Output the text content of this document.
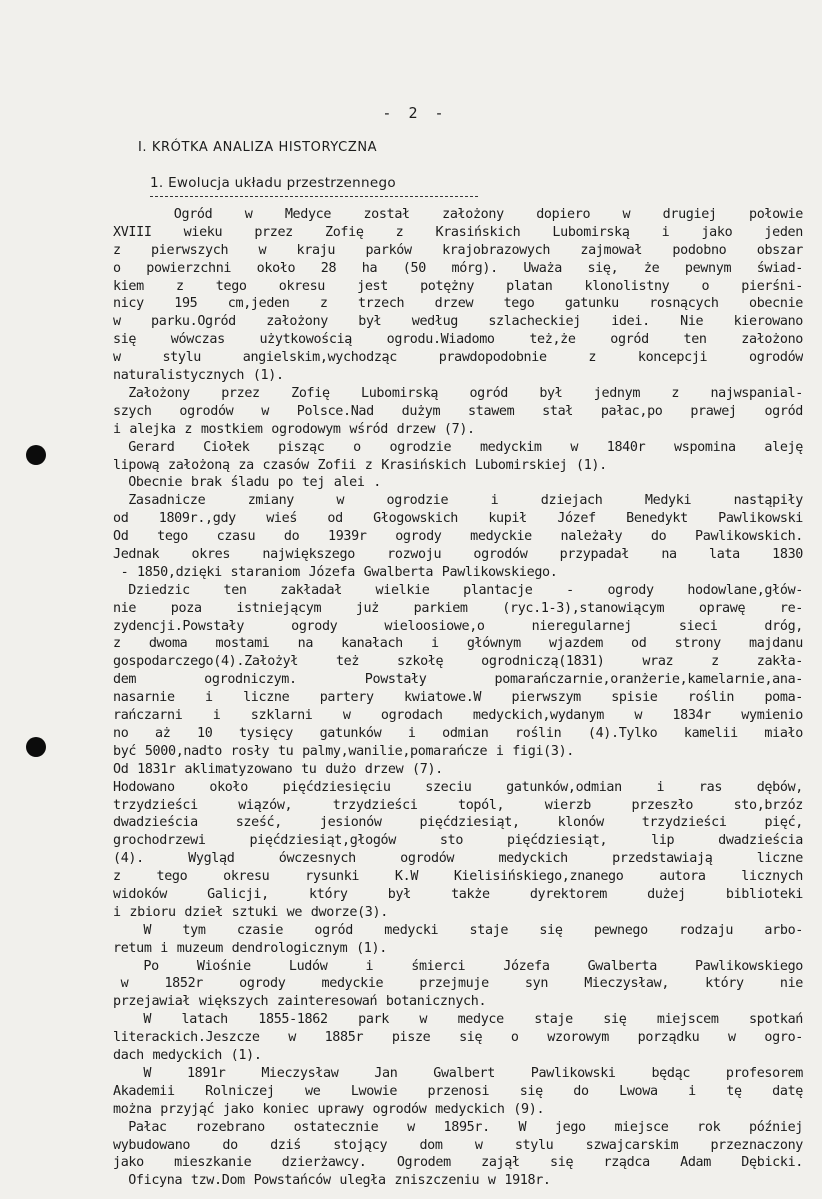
- 2 -
I. KRÓTKA ANALIZA HISTORYCZNA
1. Ewolucja układu przestrzennego
Ogród w Medyce został założony dopiero w drugiej połowie
XVIII wieku przez Zofię z Krasińskich Lubomirską i jako jeden
z pierwszych w kraju parków krajobrazowych zajmował podobno obszar
o powierzchni około 28 ha (50 mórg). Uważa się, że pewnym świad-
kiem z tego okresu jest potężny platan klonolistny o pierśni-
nicy 195 cm,jeden z trzech drzew tego gatunku rosnących obecnie
w parku.Ogród założony był według szlacheckiej idei. Nie kierowano
się wówczas użytkowością ogrodu.Wiadomo też,że ogród ten założono
w stylu angielskim,wychodząc prawdopodobnie z koncepcji ogrodów
naturalistycznych (1).
Założony przez Zofię Lubomirską ogród był jednym z najwspanial-
szych ogrodów w Polsce.Nad dużym stawem stał pałac,po prawej ogród
i alejka z mostkiem ogrodowym wśród drzew (7).
Gerard Ciołek pisząc o ogrodzie medyckim w 1840r wspomina aleję
lipową założoną za czasów Zofii z Krasińskich Lubomirskiej (1).
Obecnie brak śladu po tej alei .
Zasadnicze zmiany w ogrodzie i dziejach Medyki nastąpiły
od 1809r.,gdy wieś od Głogowskich kupił Józef Benedykt Pawlikowski
Od tego czasu do 1939r ogrody medyckie należały do Pawlikowskich.
Jednak okres największego rozwoju ogrodów przypadał na lata 1830
- 1850,dzięki staraniom Józefa Gwalberta Pawlikowskiego.
Dziedzic ten zakładał wielkie plantacje - ogrody hodowlane,głów-
nie poza istniejącym już parkiem (ryc.1-3),stanowiącym oprawę re-
zydencji.Powstały ogrody wieloosiowe,o nieregularnej sieci dróg,
z dwoma mostami na kanałach i głównym wjazdem od strony majdanu
gospodarczego(4).Założył też szkołę ogrodniczą(1831) wraz z zakła-
dem ogrodniczym. Powstały pomarańczarnie,oranżerie,kamelarnie,ana-
nasarnie i liczne partery kwiatowe.W pierwszym spisie roślin poma-
rańczarni i szklarni w ogrodach medyckich,wydanym w 1834r wymienio
no aż 10 tysięcy gatunków i odmian roślin (4).Tylko kamelii miało
być 5000,nadto rosły tu palmy,wanilie,pomarańcze i figi(3).
Od 1831r aklimatyzowano tu dużo drzew (7).
Hodowano około pięćdziesięciu szeciu gatunków,odmian i ras dębów,
trzydzieści wiązów, trzydzieści topól, wierzb przeszło sto,brzóz
dwadzieścia sześć, jesionów pięćdziesiąt, klonów trzydzieści pięć,
grochodrzewi pięćdziesiąt,głogów sto pięćdziesiąt, lip dwadzieścia
(4). Wygląd ówczesnych ogrodów medyckich przedstawiają liczne
z tego okresu rysunki K.W Kielisińskiego,znanego autora licznych
widoków Galicji, który był także dyrektorem dużej biblioteki
i zbioru dzieł sztuki we dworze(3).
W tym czasie ogród medycki staje się pewnego rodzaju arbo-
retum i muzeum dendrologicznym (1).
Po Wiośnie Ludów i śmierci Józefa Gwalberta Pawlikowskiego
w 1852r ogrody medyckie przejmuje syn Mieczysław, który nie
przejawiał większych zainteresowań botanicznych.
W latach 1855-1862 park w medyce staje się miejscem spotkań
literackich.Jeszcze w 1885r pisze się o wzorowym porządku w ogro-
dach medyckich (1).
W 1891r Mieczysław Jan Gwalbert Pawlikowski będąc profesorem
Akademii Rolniczej we Lwowie przenosi się do Lwowa i tę datę
można przyjąć jako koniec uprawy ogrodów medyckich (9).
Pałac rozebrano ostatecznie w 1895r. W jego miejsce rok później
wybudowano do dziś stojący dom w stylu szwajcarskim przeznaczony
jako mieszkanie dzierżawcy. Ogrodem zajął się rządca Adam Dębicki.
Oficyna tzw.Dom Powstańców uległa zniszczeniu w 1918r.
